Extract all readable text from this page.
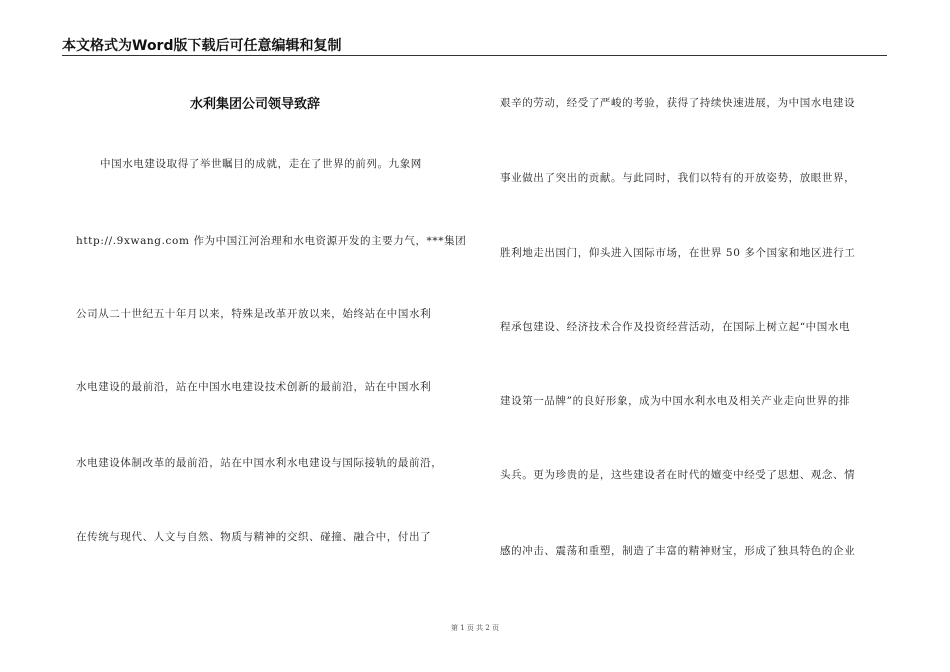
本文格式为Word版下载后可任意编辑和复制
水利集团公司领导致辞
中国水电建设取得了举世瞩目的成就，走在了世界的前列。九象网
http://.9xwang.com 作为中国江河治理和水电资源开发的主要力气，***集团
公司从二十世纪五十年月以来，特殊是改革开放以来，始终站在中国水利
水电建设的最前沿，站在中国水电建设技术创新的最前沿，站在中国水利
水电建设体制改革的最前沿，站在中国水利水电建设与国际接轨的最前沿，
在传统与现代、人文与自然、物质与精神的交织、碰撞、融合中，付出了
艰辛的劳动，经受了严峻的考验，获得了持续快速进展，为中国水电建设
事业做出了突出的贡献。与此同时，我们以特有的开放姿势，放眼世界，
胜利地走出国门，仰头进入国际市场，在世界 50 多个国家和地区进行工
程承包建设、经济技术合作及投资经营活动，在国际上树立起“中国水电
建设第一品牌”的良好形象，成为中国水利水电及相关产业走向世界的排
头兵。更为珍贵的是，这些建设者在时代的嬗变中经受了思想、观念、情
感的冲击、震荡和重塑，制造了丰富的精神财宝，形成了独具特色的企业
第 1 页 共 2 页
